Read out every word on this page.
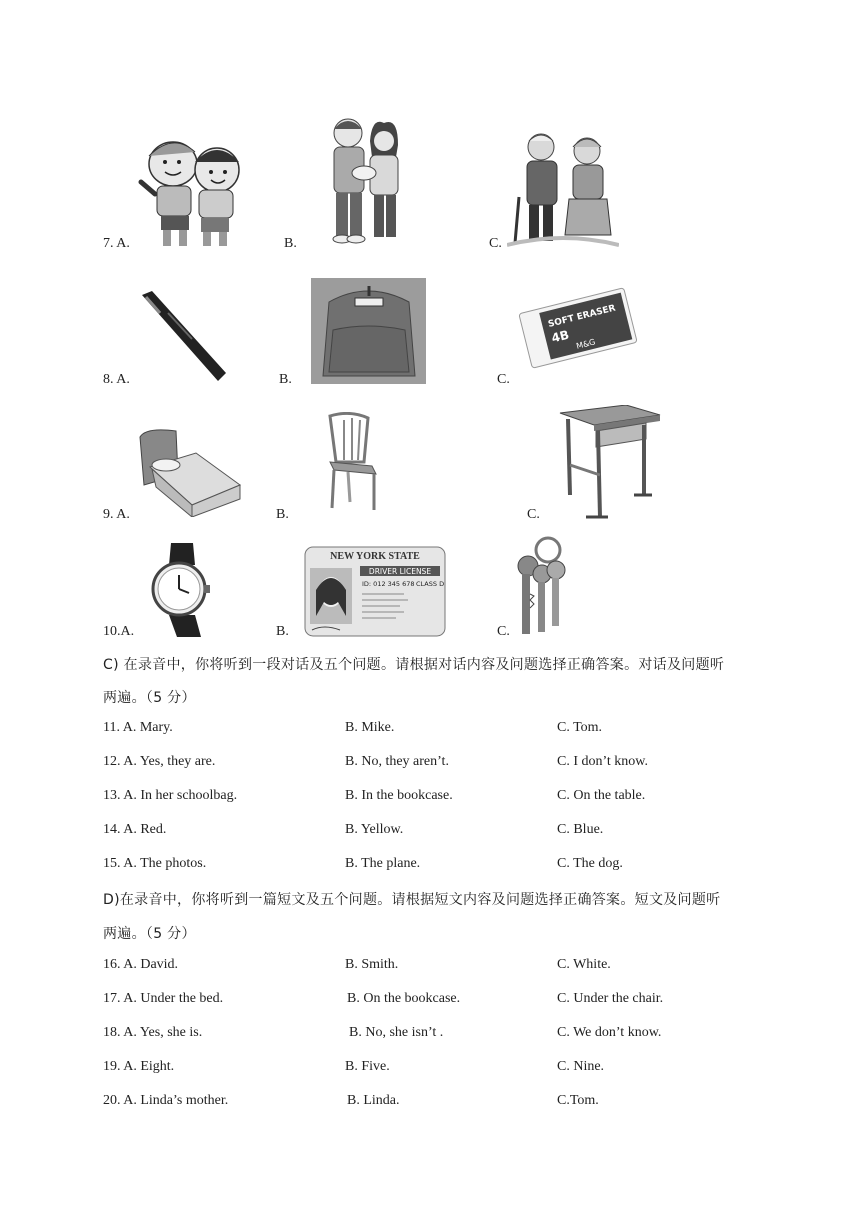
7. A.	B.	C.
8. A.	B.	C.
SOFT ERASER
4B M&G
9. A.	B.	C.
10.A.	B.
NEW YORK STATE
DRIVER LICENSE
ID: 012 345 678 CLASS D
C.
C) 在录音中，你将听到一段对话及五个问题。请根据对话内容及问题选择正确答案。对话及问题听
两遍。（5 分）
11. A. Mary.	B. Mike.	C. Tom.
12. A. Yes, they are.	B. No, they aren’t.	C. I don’t know.
13. A. In her schoolbag.	B. In the bookcase.	C. On the table.
14. A. Red.	B. Yellow.	C. Blue.
15. A. The photos.	B. The plane.	C. The dog.
D)在录音中，你将听到一篇短文及五个问题。请根据短文内容及问题选择正确答案。短文及问题听
两遍。（5 分）
16. A. David.	B. Smith.	C. White.
17. A. Under the bed.	B. On the bookcase.	C. Under the chair.
18. A. Yes, she is.	B. No, she isn’t .	C. We don’t know.
19. A. Eight.	B. Five.	C. Nine.
20. A. Linda’s mother.	B. Linda.	C.Tom.
